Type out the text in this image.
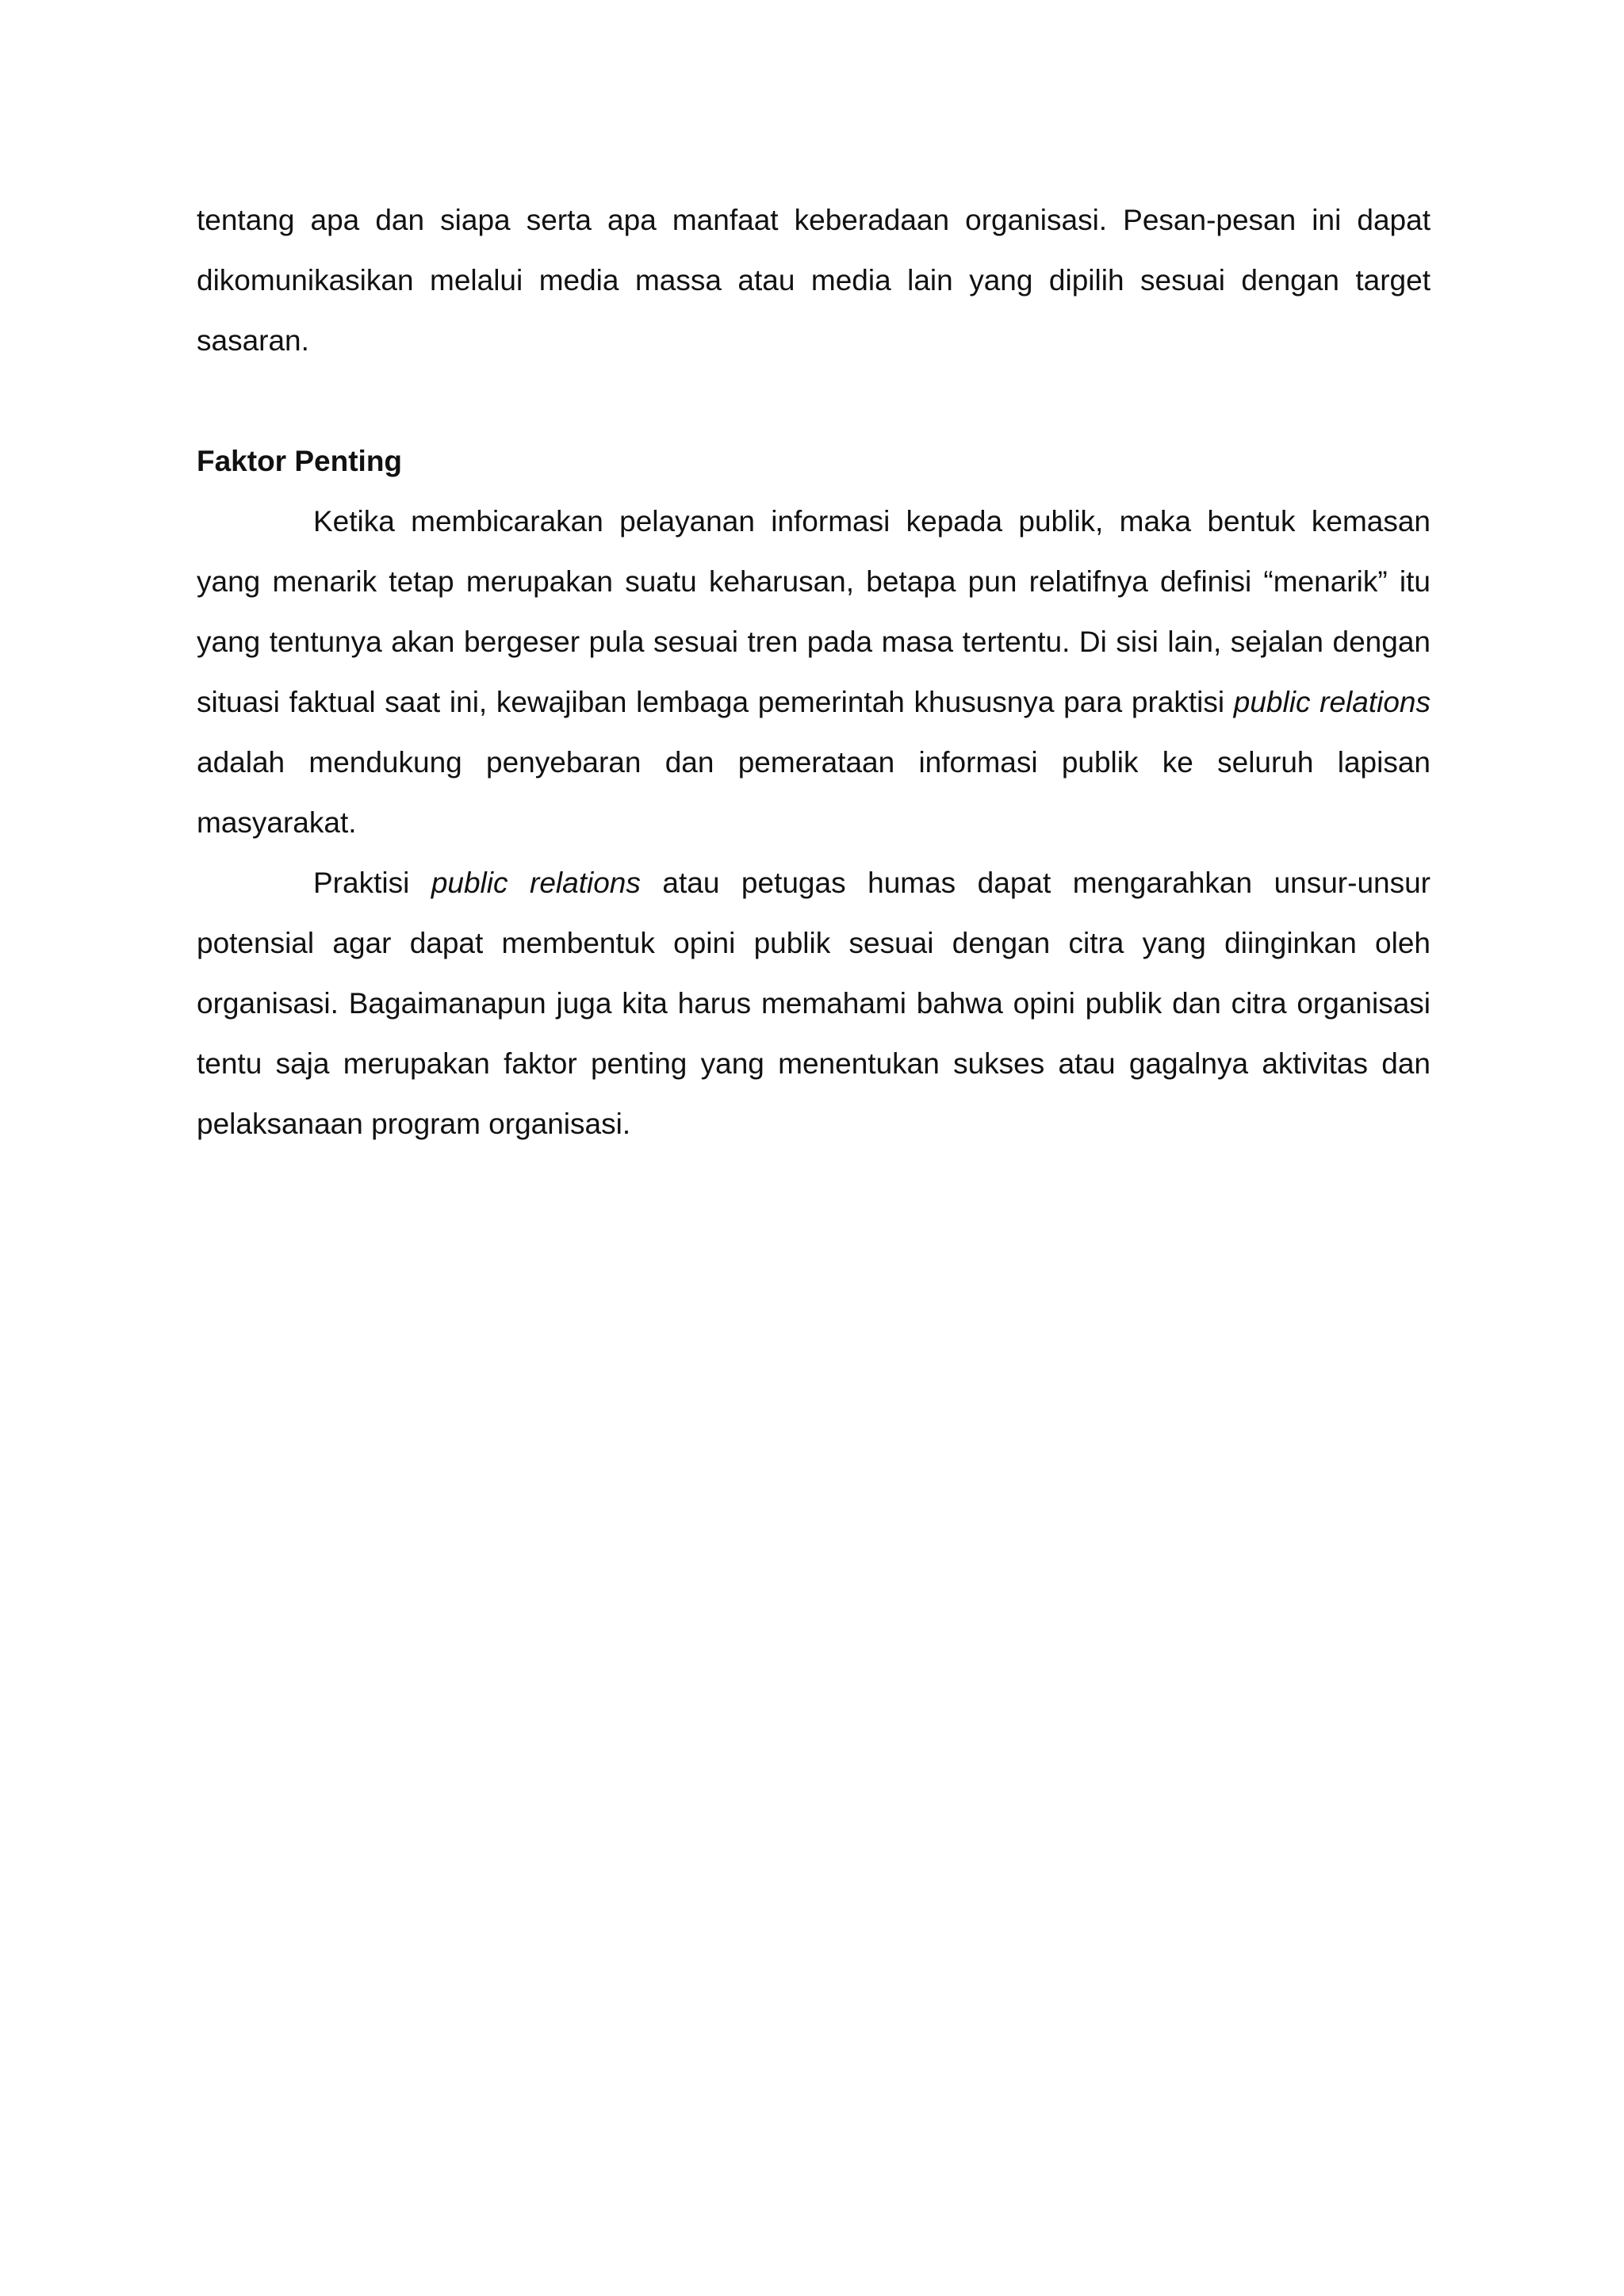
tentang apa dan siapa serta apa manfaat keberadaan organisasi. Pesan-pesan ini dapat dikomunikasikan melalui media massa atau media lain yang dipilih sesuai dengan target sasaran.

Faktor Penting

Ketika membicarakan pelayanan informasi kepada publik, maka bentuk kemasan yang menarik tetap merupakan suatu keharusan, betapa pun relatifnya definisi “menarik” itu yang tentunya akan bergeser pula sesuai tren pada masa tertentu. Di sisi lain, sejalan dengan situasi faktual saat ini, kewajiban lembaga pemerintah khususnya para praktisi public relations adalah mendukung penyebaran dan pemerataan informasi publik ke seluruh lapisan masyarakat.

Praktisi public relations atau petugas humas dapat mengarahkan unsur-unsur potensial agar dapat membentuk opini publik sesuai dengan citra yang diinginkan oleh organisasi. Bagaimanapun juga kita harus memahami bahwa opini publik dan citra organisasi tentu saja merupakan faktor penting yang menentukan sukses atau gagalnya aktivitas dan pelaksanaan program organisasi.
